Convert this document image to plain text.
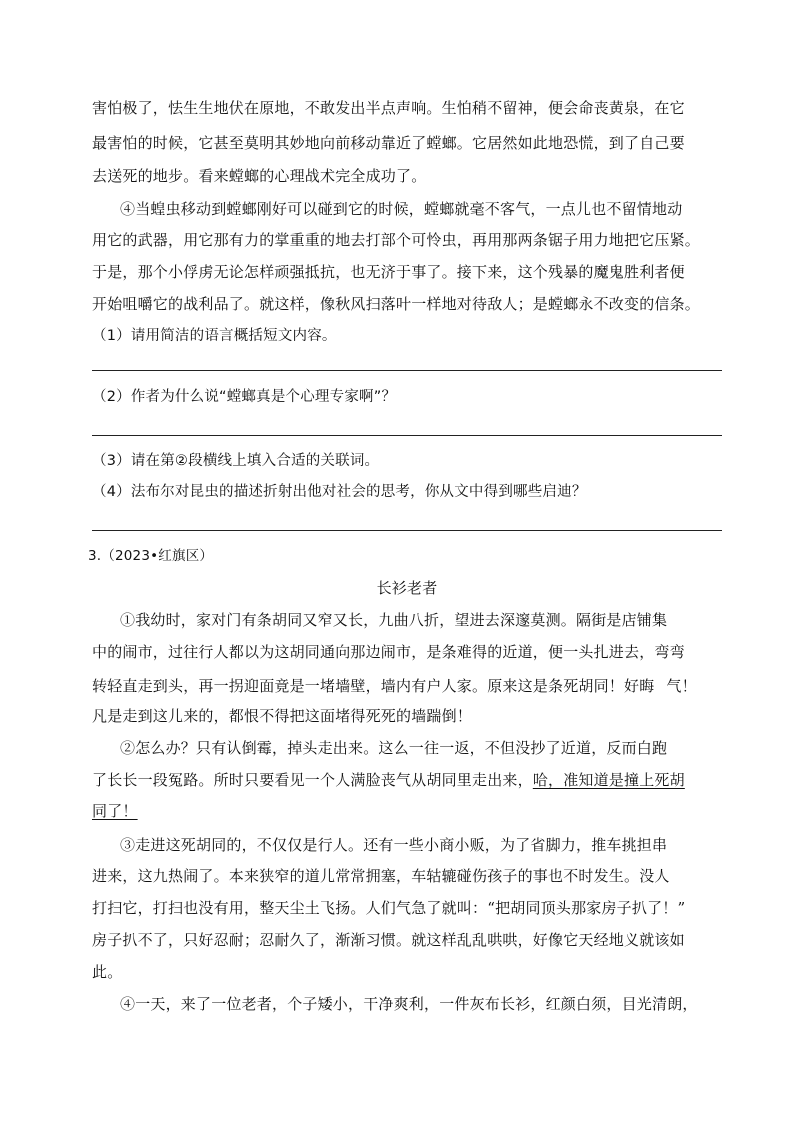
害怕极了，怯生生地伏在原地，不敢发出半点声响。生怕稍不留神，便会命丧黄泉，在它
最害怕的时候，它甚至莫明其妙地向前移动靠近了螳螂。它居然如此地恐慌，到了自己要
去送死的地步。看来螳螂的心理战术完全成功了。
④当蝗虫移动到螳螂刚好可以碰到它的时候，螳螂就毫不客气，一点儿也不留情地动
用它的武器，用它那有力的掌重重的地去打部个可怜虫，再用那两条锯子用力地把它压紧。
于是，那个小俘虏无论怎样顽强抵抗，也无济于事了。接下来，这个残暴的魔鬼胜利者便
开始咀嚼它的战利品了。就这样，像秋风扫落叶一样地对待敌人；是螳螂永不改变的信条。
（1）请用简洁的语言概括短文内容。
（2）作者为什么说“螳螂真是个心理专家啊”？
（3）请在第②段横线上填入合适的关联词。
（4）法布尔对昆虫的描述折射出他对社会的思考，你从文中得到哪些启迪？
3.（2023•红旗区）
长衫老者
①我幼时，家对门有条胡同又窄又长，九曲八折，望进去深邃莫测。隔街是店铺集
中的闹市，过往行人都以为这胡同通向那边闹市，是条难得的近道，便一头扎进去，弯弯
转轻直走到头，再一拐迎面竟是一堵墙壁，墙内有户人家。原来这是条死胡同！好晦 气！
凡是走到这儿来的，都恨不得把这面堵得死死的墙踹倒！
②怎么办？只有认倒霉，掉头走出来。这么一往一返，不但没抄了近道，反而白跑
了长长一段冤路。所时只要看见一个人满脸丧气从胡同里走出来，哈，准知道是撞上死胡
同了！
③走进这死胡同的，不仅仅是行人。还有一些小商小贩，为了省脚力，推车挑担串
进来，这九热闹了。本来狭窄的道儿常常拥塞，车轱辘碰伤孩子的事也不时发生。没人
打扫它，打扫也没有用，整天尘土飞扬。人们气急了就叫：“把胡同顶头那家房子扒了！”
房子扒不了，只好忍耐；忍耐久了，渐渐习惯。就这样乱乱哄哄，好像它天经地义就该如
此。
④一天，来了一位老者，个子矮小，干净爽利，一件灰布长衫，红颜白须，目光清朗，
